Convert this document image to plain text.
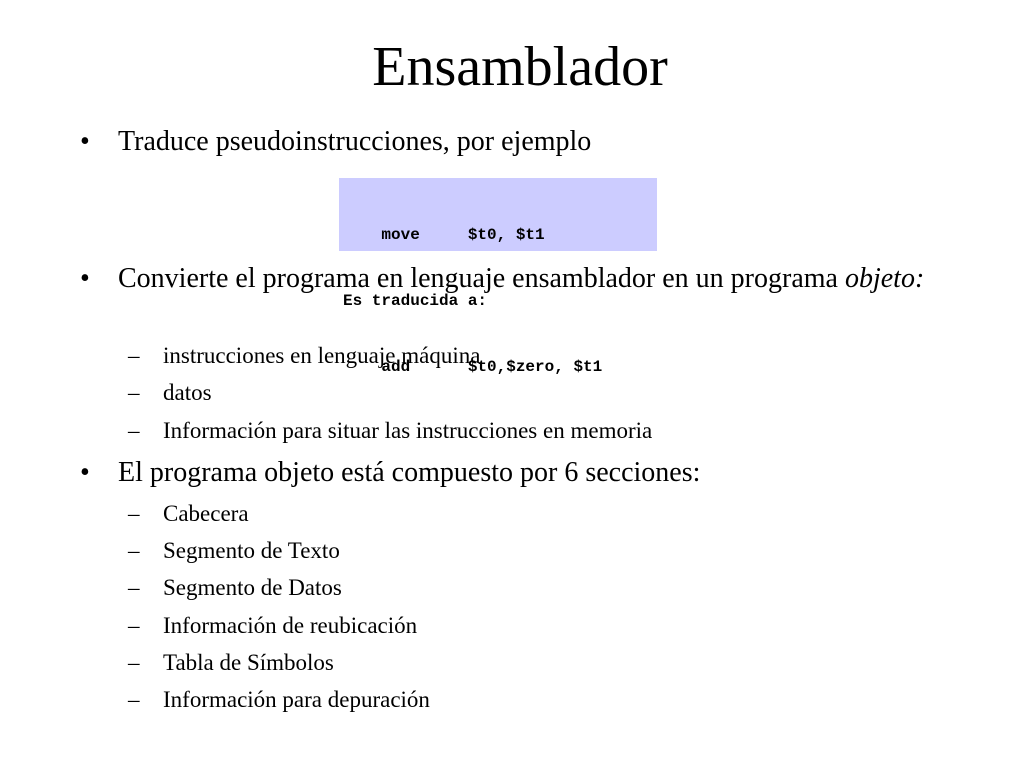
Ensamblador
• Traduce pseudoinstrucciones, por ejemplo

move     $t0, $t1

Es traducida a:

add      $t0,$zero, $t1

• Convierte el programa en lenguaje ensamblador en un programa objeto:
– instrucciones en lenguaje máquina
– datos
– Información para situar las instrucciones en memoria
• El programa objeto está compuesto por 6 secciones:
– Cabecera
– Segmento de Texto
– Segmento de Datos
– Información de reubicación
– Tabla de Símbolos
– Información para depuración
